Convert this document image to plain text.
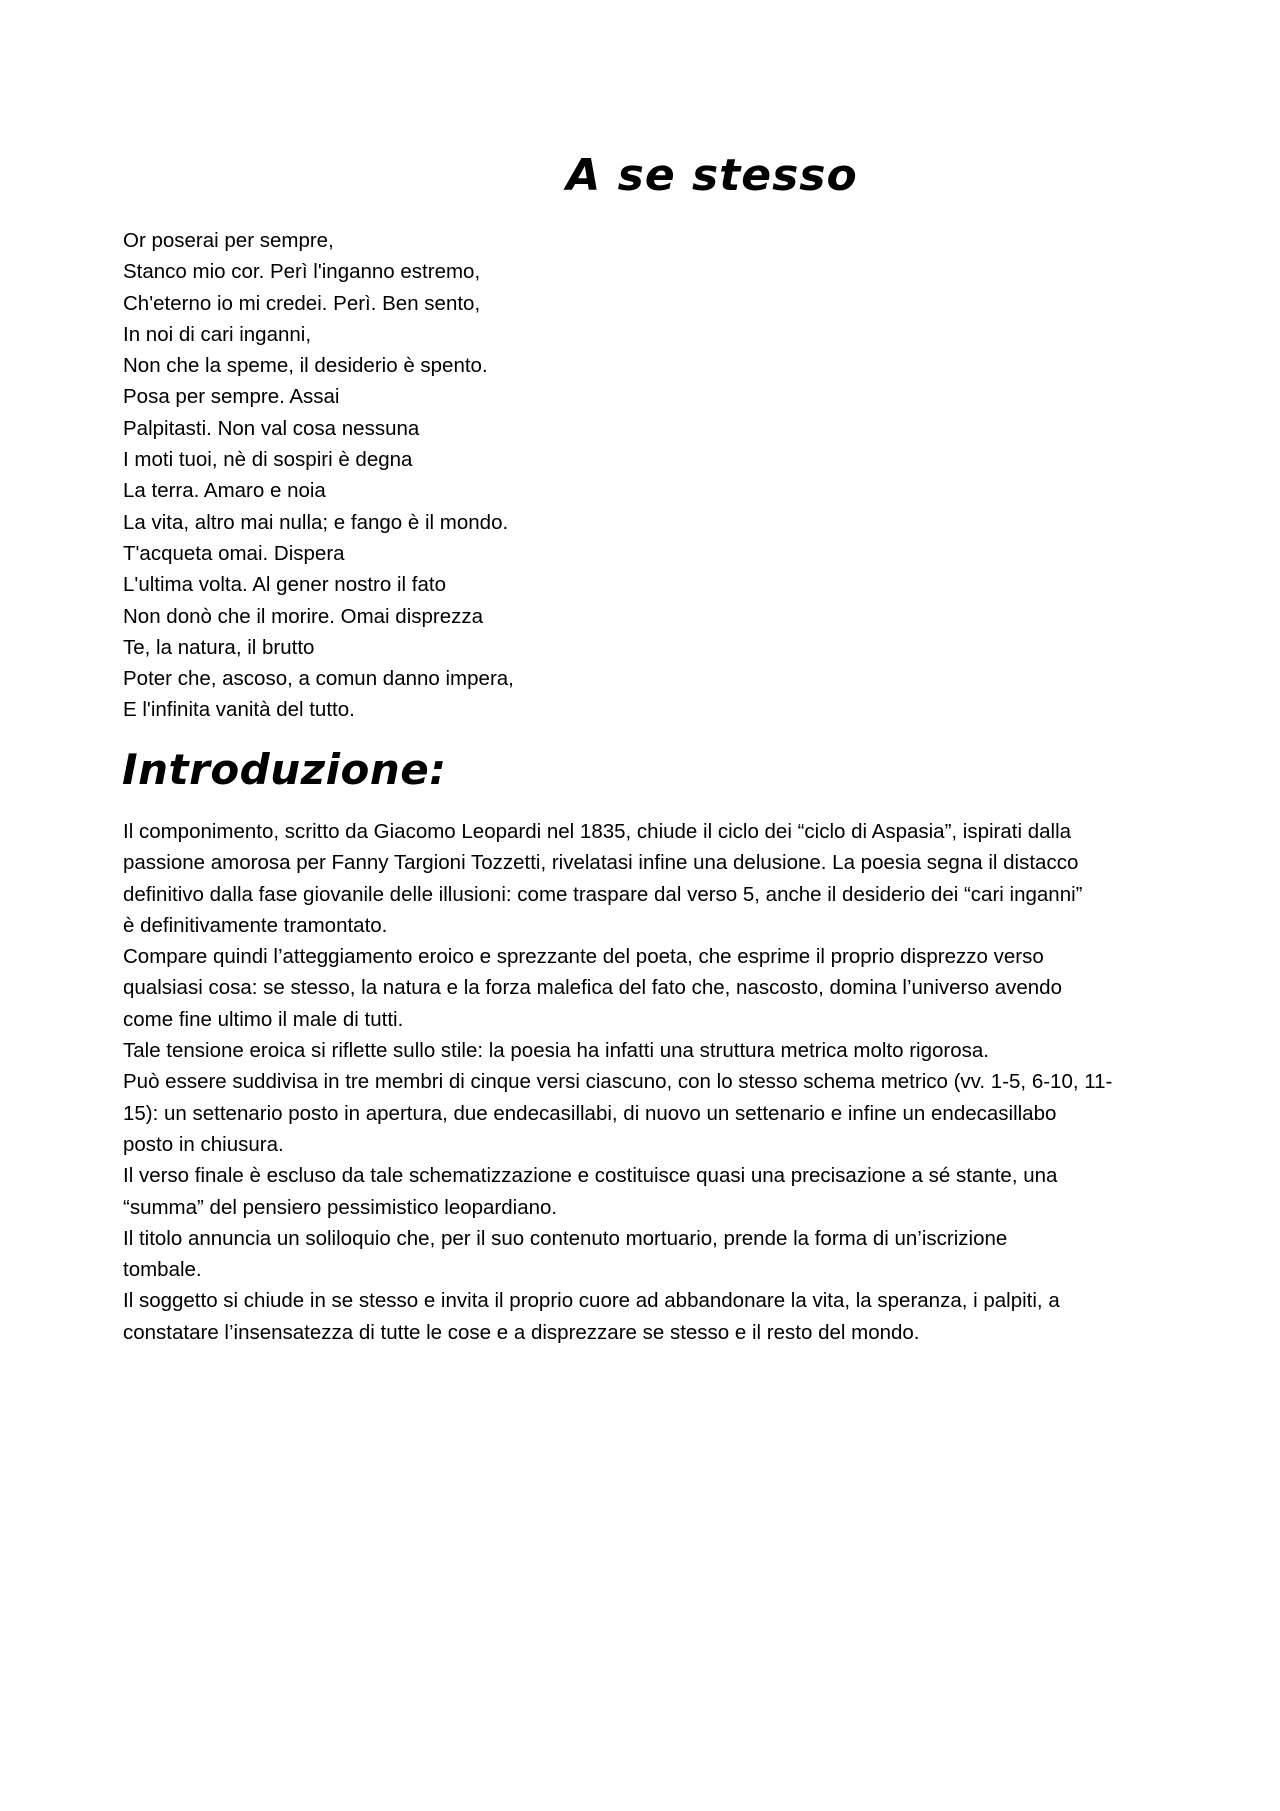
A se stesso
Or poserai per sempre,
Stanco mio cor. Perì l'inganno estremo,
Ch'eterno io mi credei. Perì. Ben sento,
In noi di cari inganni,
Non che la speme, il desiderio è spento.
Posa per sempre. Assai
Palpitasti. Non val cosa nessuna
I moti tuoi, nè di sospiri è degna
La terra. Amaro e noia
La vita, altro mai nulla; e fango è il mondo.
T'acqueta omai. Dispera
L'ultima volta. Al gener nostro il fato
Non donò che il morire. Omai disprezza
Te, la natura, il brutto
Poter che, ascoso, a comun danno impera,
E l'infinita vanità del tutto.
Introduzione:
Il componimento, scritto da Giacomo Leopardi nel 1835, chiude il ciclo dei “ciclo di Aspasia”, ispirati dalla
passione amorosa per Fanny Targioni Tozzetti, rivelatasi infine una delusione. La poesia segna il distacco
definitivo dalla fase giovanile delle illusioni: come traspare dal verso 5, anche il desiderio dei “cari inganni”
è definitivamente tramontato.
Compare quindi l’atteggiamento eroico e sprezzante del poeta, che esprime il proprio disprezzo verso
qualsiasi cosa: se stesso, la natura e la forza malefica del fato che, nascosto, domina l’universo avendo
come fine ultimo il male di tutti.
Tale tensione eroica si riflette sullo stile: la poesia ha infatti una struttura metrica molto rigorosa.
Può essere suddivisa in tre membri di cinque versi ciascuno, con lo stesso schema metrico (vv. 1-5, 6-10, 11-
15): un settenario posto in apertura, due endecasillabi, di nuovo un settenario e infine un endecasillabo
posto in chiusura.
Il verso finale è escluso da tale schematizzazione e costituisce quasi una precisazione a sé stante, una
“summa” del pensiero pessimistico leopardiano.
Il titolo annuncia un soliloquio che, per il suo contenuto mortuario, prende la forma di un’iscrizione
tombale.
Il soggetto si chiude in se stesso e invita il proprio cuore ad abbandonare la vita, la speranza, i palpiti, a
constatare l’insensatezza di tutte le cose e a disprezzare se stesso e il resto del mondo.
